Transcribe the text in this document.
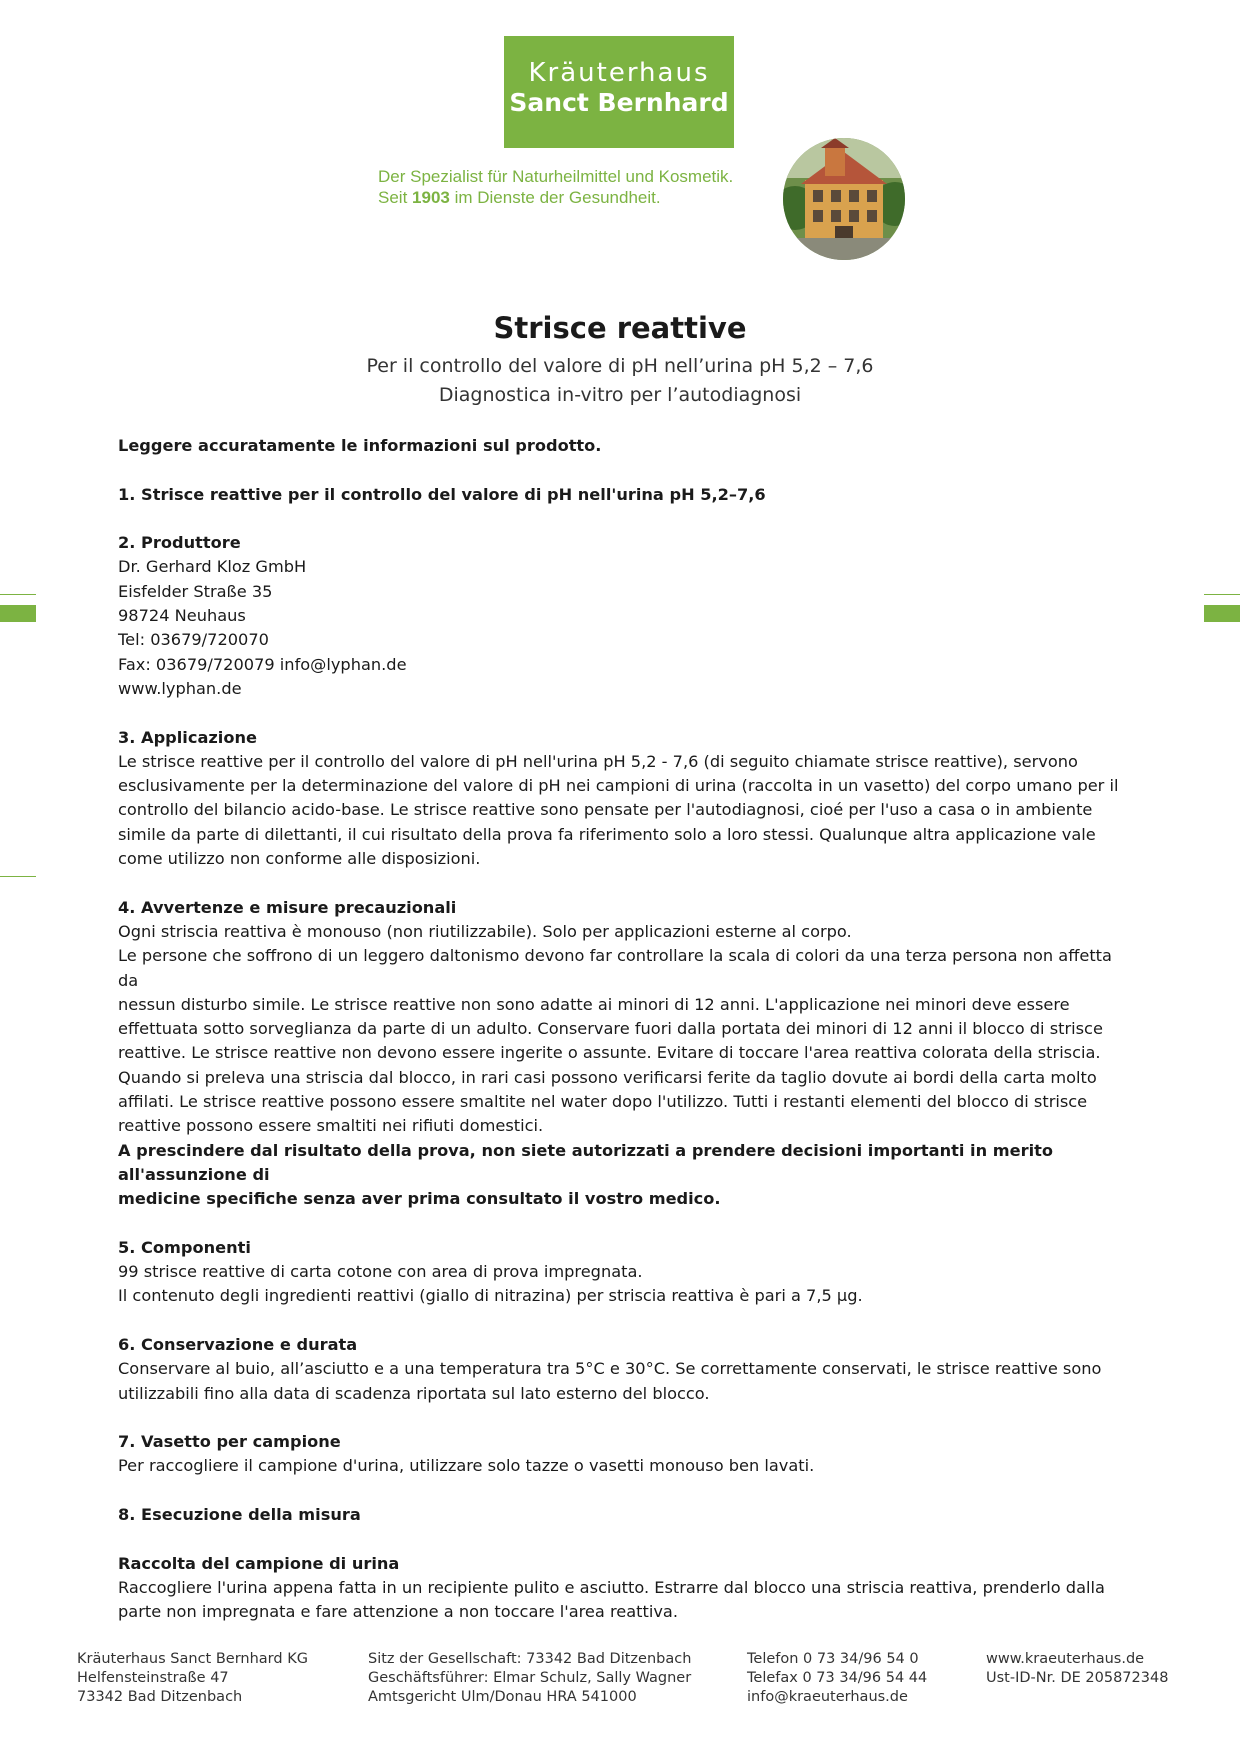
Kräuterhaus
Sanct Bernhard
Der Spezialist für Naturheilmittel und Kosmetik.
Seit 1903 im Dienste der Gesundheit.
Strisce reattive
Per il controllo del valore di pH nell’urina pH 5,2 – 7,6
Diagnostica in-vitro per l’autodiagnosi

Leggere accuratamente le informazioni sul prodotto.

1. Strisce reattive per il controllo del valore di pH nell'urina pH 5,2–7,6

2. Produttore
Dr. Gerhard Kloz GmbH
Eisfelder Straße 35
98724 Neuhaus
Tel: 03679/720070
Fax: 03679/720079 info@lyphan.de
www.lyphan.de

3. Applicazione
Le strisce reattive per il controllo del valore di pH nell'urina pH 5,2 - 7,6 (di seguito chiamate strisce reattive), servono
esclusivamente per la determinazione del valore di pH nei campioni di urina (raccolta in un vasetto) del corpo umano per il
controllo del bilancio acido-base. Le strisce reattive sono pensate per l'autodiagnosi, cioé per l'uso a casa o in ambiente
simile da parte di dilettanti, il cui risultato della prova fa riferimento solo a loro stessi. Qualunque altra applicazione vale
come utilizzo non conforme alle disposizioni.

4. Avvertenze e misure precauzionali
Ogni striscia reattiva è monouso (non riutilizzabile). Solo per applicazioni esterne al corpo.
Le persone che soffrono di un leggero daltonismo devono far controllare la scala di colori da una terza persona non affetta da
nessun disturbo simile. Le strisce reattive non sono adatte ai minori di 12 anni. L'applicazione nei minori deve essere
effettuata sotto sorveglianza da parte di un adulto. Conservare fuori dalla portata dei minori di 12 anni il blocco di strisce
reattive. Le strisce reattive non devono essere ingerite o assunte. Evitare di toccare l'area reattiva colorata della striscia.
Quando si preleva una striscia dal blocco, in rari casi possono verificarsi ferite da taglio dovute ai bordi della carta molto
affilati. Le strisce reattive possono essere smaltite nel water dopo l'utilizzo. Tutti i restanti elementi del blocco di strisce
reattive possono essere smaltiti nei rifiuti domestici.
A prescindere dal risultato della prova, non siete autorizzati a prendere decisioni importanti in merito all'assunzione di
medicine specifiche senza aver prima consultato il vostro medico.

5. Componenti
99 strisce reattive di carta cotone con area di prova impregnata.
Il contenuto degli ingredienti reattivi (giallo di nitrazina) per striscia reattiva è pari a 7,5 µg.

6. Conservazione e durata
Conservare al buio, all’asciutto e a una temperatura tra 5°C e 30°C. Se correttamente conservati, le strisce reattive sono
utilizzabili fino alla data di scadenza riportata sul lato esterno del blocco.

7. Vasetto per campione
Per raccogliere il campione d'urina, utilizzare solo tazze o vasetti monouso ben lavati.

8. Esecuzione della misura

Raccolta del campione di urina
Raccogliere l'urina appena fatta in un recipiente pulito e asciutto. Estrarre dal blocco una striscia reattiva, prenderlo dalla
parte non impregnata e fare attenzione a non toccare l'area reattiva.

Kräuterhaus Sanct Bernhard KG
Helfensteinstraße 47
73342 Bad Ditzenbach
Sitz der Gesellschaft: 73342 Bad Ditzenbach
Geschäftsführer: Elmar Schulz, Sally Wagner
Amtsgericht Ulm/Donau HRA 541000
Telefon 0 73 34/96 54 0
Telefax 0 73 34/96 54 44
info@kraeuterhaus.de
www.kraeuterhaus.de
Ust-ID-Nr. DE 205872348
